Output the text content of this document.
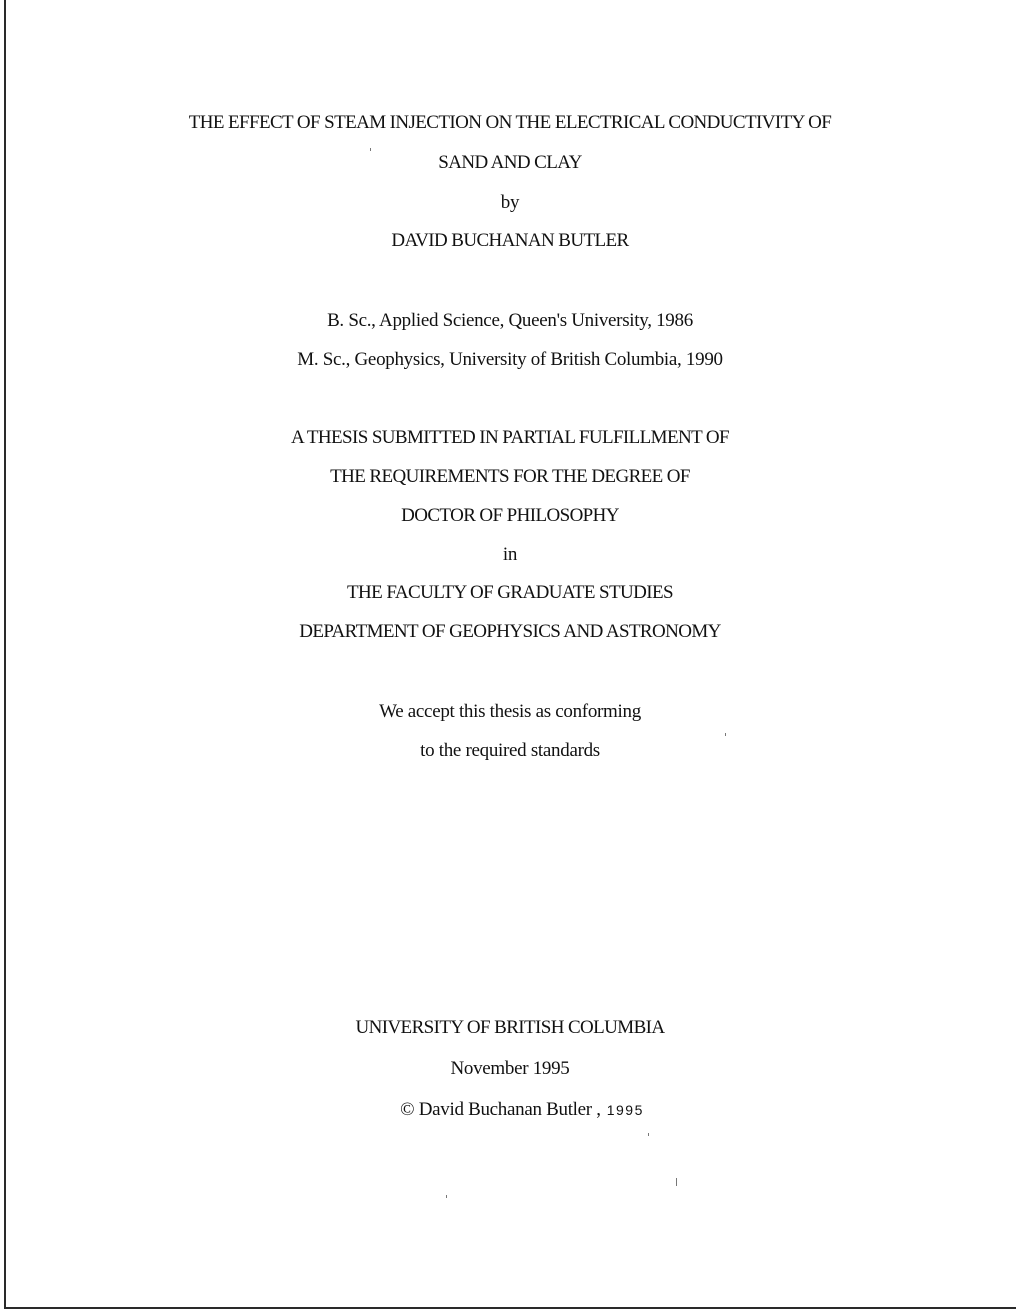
THE EFFECT OF STEAM INJECTION ON THE ELECTRICAL CONDUCTIVITY OF
SAND AND CLAY
by
DAVID BUCHANAN BUTLER
B. Sc., Applied Science, Queen's University, 1986
M. Sc., Geophysics, University of British Columbia, 1990
A THESIS SUBMITTED IN PARTIAL FULFILLMENT OF
THE REQUIREMENTS FOR THE DEGREE OF
DOCTOR OF PHILOSOPHY
in
THE FACULTY OF GRADUATE STUDIES
DEPARTMENT OF GEOPHYSICS AND ASTRONOMY
We accept this thesis as conforming
to the required standards
UNIVERSITY OF BRITISH COLUMBIA
November 1995
© David Buchanan Butler , 1995
